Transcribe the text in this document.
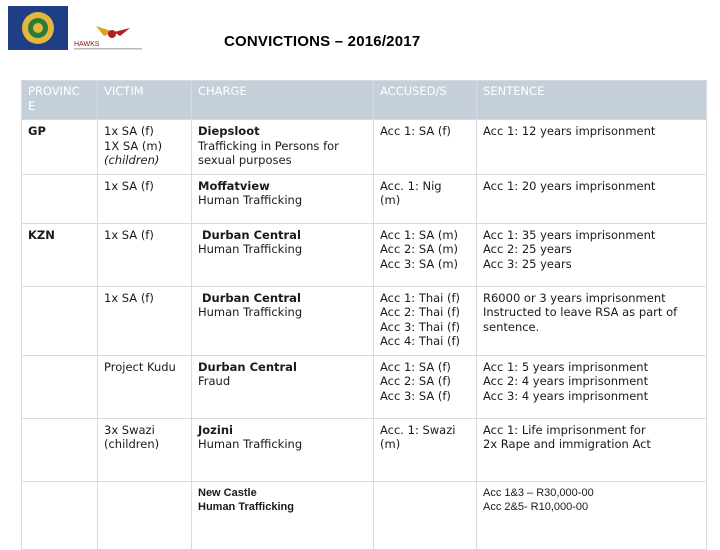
HAWKS	CONVICTIONS – 2016/2017
PROVINC
E	VICTIM	CHARGE	ACCUSED/S	SENTENCE
GP	1x SA (f)
1X SA (m)
(children)	Diepsloot
Trafficking in Persons for
sexual purposes	Acc 1: SA (f)	Acc 1: 12 years imprisonment

	1x SA (f)	Moffatview
Human Trafficking	Acc. 1: Nig
(m)	Acc 1: 20 years imprisonment

KZN	1x SA (f)	Durban Central
Human Trafficking	Acc 1: SA (m)
Acc 2: SA (m)
Acc 3: SA (m)	Acc 1: 35 years imprisonment
Acc 2: 25 years
Acc 3: 25 years

	1x SA (f)	Durban Central
Human Trafficking	Acc 1: Thai (f)
Acc 2: Thai (f)
Acc 3: Thai (f)
Acc 4: Thai (f)	R6000 or 3 years imprisonment
Instructed to leave RSA as part of
sentence.

	Project Kudu	Durban Central
Fraud	Acc 1: SA (f)
Acc 2: SA (f)
Acc 3: SA (f)	Acc 1: 5 years imprisonment
Acc 2: 4 years imprisonment
Acc 3: 4 years imprisonment

	3x Swazi
(children)	Jozini
Human Trafficking	Acc. 1: Swazi
(m)	Acc 1: Life imprisonment for
2x Rape and immigration Act

		New Castle
Human Trafficking		Acc 1&3 – R30,000-00
Acc 2&5- R10,000-00
